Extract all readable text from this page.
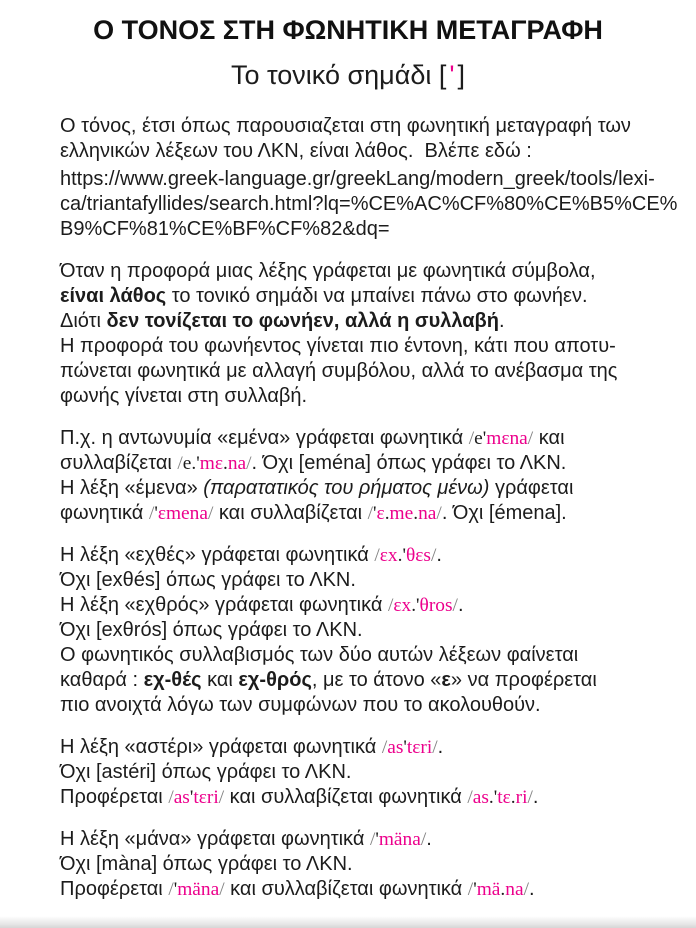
Ο ΤΟΝΟΣ ΣΤΗ ΦΩΝΗΤΙΚΗ ΜΕΤΑΓΡΑΦΗ
Το τονικό σημάδι [ ' ]

Ο τόνος, έτσι όπως παρουσιαζεται στη φωνητική μεταγραφή των
ελληνικών λέξεων του ΛΚΝ, είναι λάθος.  Βλέπε εδώ :

https://www.greek-language.gr/greekLang/modern_greek/tools/lexi-
ca/triantafyllides/search.html?lq=%CE%AC%CF%80%CE%B5%CE%
B9%CF%81%CE%BF%CF%82&dq=

Όταν η προφορά μιας λέξης γράφεται με φωνητικά σύμβολα,
είναι λάθος το τονικό σημάδι να μπαίνει πάνω στο φωνήεν.
Διότι δεν τονίζεται το φωνήεν, αλλά η συλλαβή.
Η προφορά του φωνήεντος γίνεται πιο έντονη, κάτι που αποτυ-
πώνεται φωνητικά με αλλαγή συμβόλου, αλλά το ανέβασμα της
φωνής γίνεται στη συλλαβή.

Π.χ. η αντωνυμία «εμένα» γράφεται φωνητικά /e'mεna/ και
συλλαβίζεται /e.'mε.na/. Όχι [eména] όπως γράφει το ΛΚΝ.
Η λέξη «έμενα» (παρατατικός του ρήματος μένω) γράφεται
φωνητικά /'εmena/ και συλλαβίζεται /'ε.me.na/. Όχι [émena].

Η λέξη «εχθές» γράφεται φωνητικά /εx.'θεs/.
Όχι [exθés] όπως γράφει το ΛΚΝ.
Η λέξη «εχθρός» γράφεται φωνητικά /εx.'θros/.
Όχι [exθrós] όπως γράφει το ΛΚΝ.
Ο φωνητικός συλλαβισμός των δύο αυτών λέξεων φαίνεται
καθαρά : εχ-θές και εχ-θρός, με το άτονο «ε» να προφέρεται
πιο ανοιχτά λόγω των συμφώνων που το ακολουθούν.

Η λέξη «αστέρι» γράφεται φωνητικά /as'tεri/.
Όχι [astéri] όπως γράφει το ΛΚΝ.
Προφέρεται /as'tεri/ και συλλαβίζεται φωνητικά /as.'tε.ri/.

Η λέξη «μάνα» γράφεται φωνητικά /'mäna/.
Όχι [màna] όπως γράφει το ΛΚΝ.
Προφέρεται /'mäna/ και συλλαβίζεται φωνητικά /'mä.na/.
